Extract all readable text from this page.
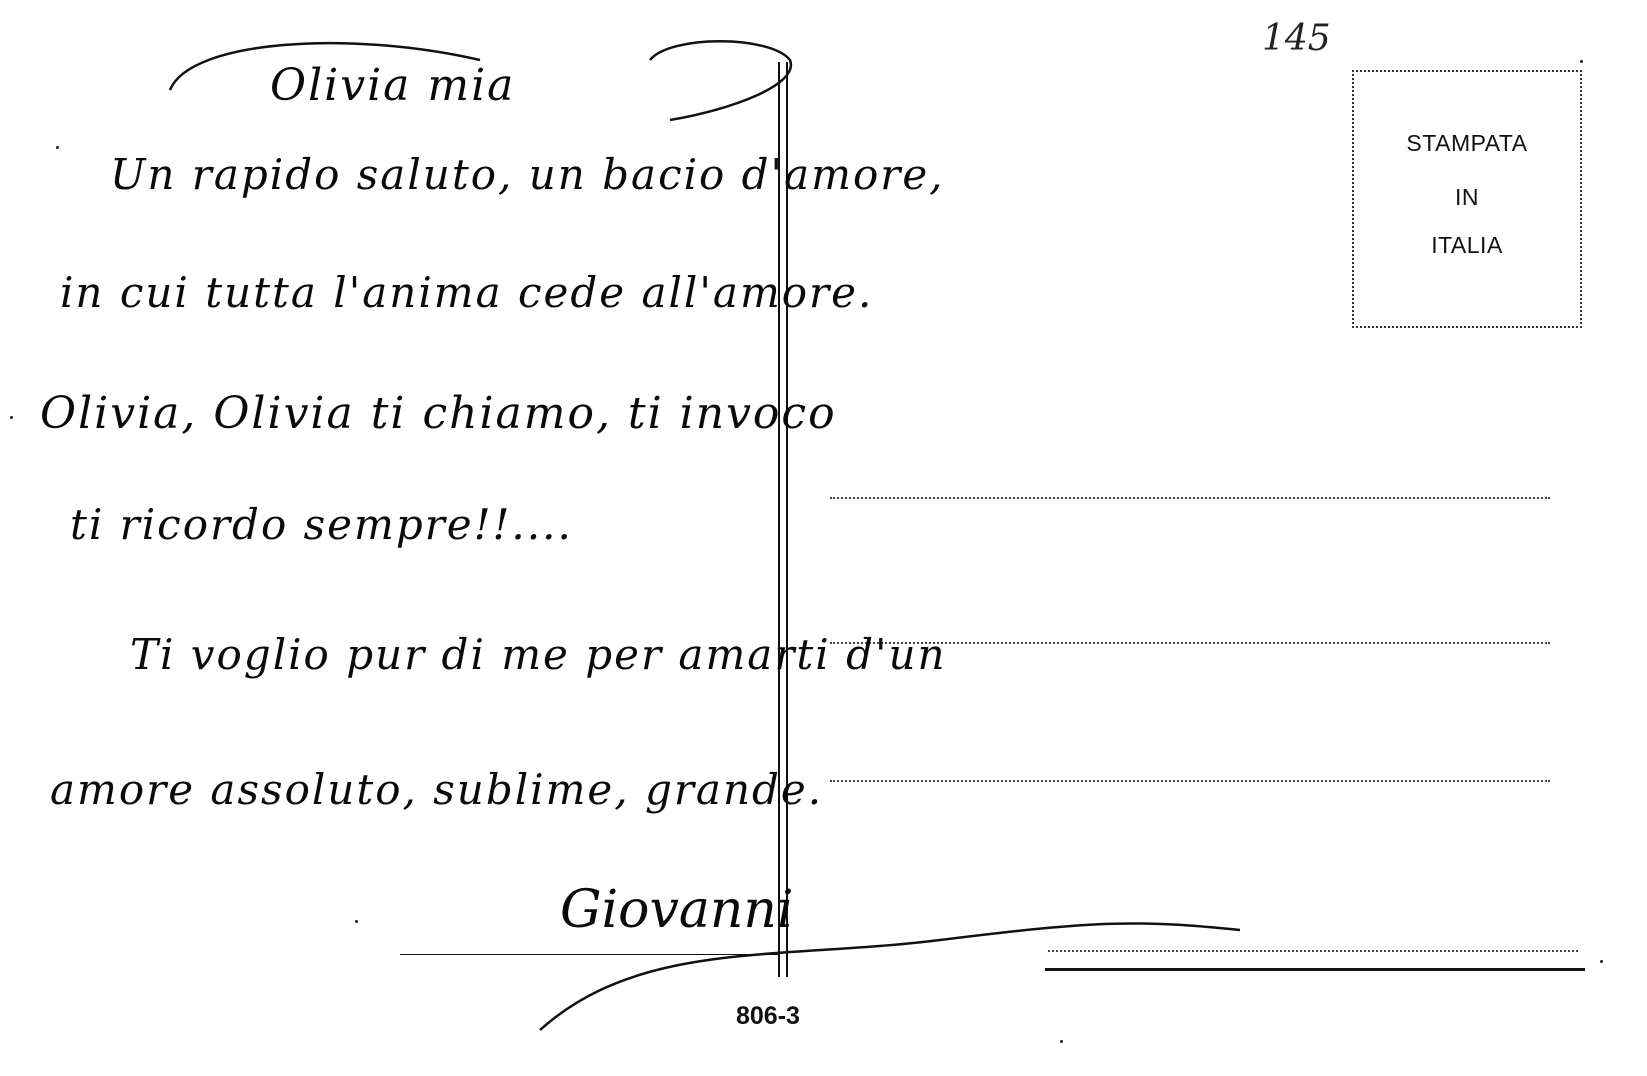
145
STAMPATA
IN
ITALIA
Olivia mia
Un rapido saluto, un bacio d'amore,
in cui tutta l'anima cede all'amore.
Olivia, Olivia ti chiamo, ti invoco
ti ricordo sempre!!....
Ti voglio pur di me per amarti d'un
amore assoluto, sublime, grande.
Giovanni
806-3
